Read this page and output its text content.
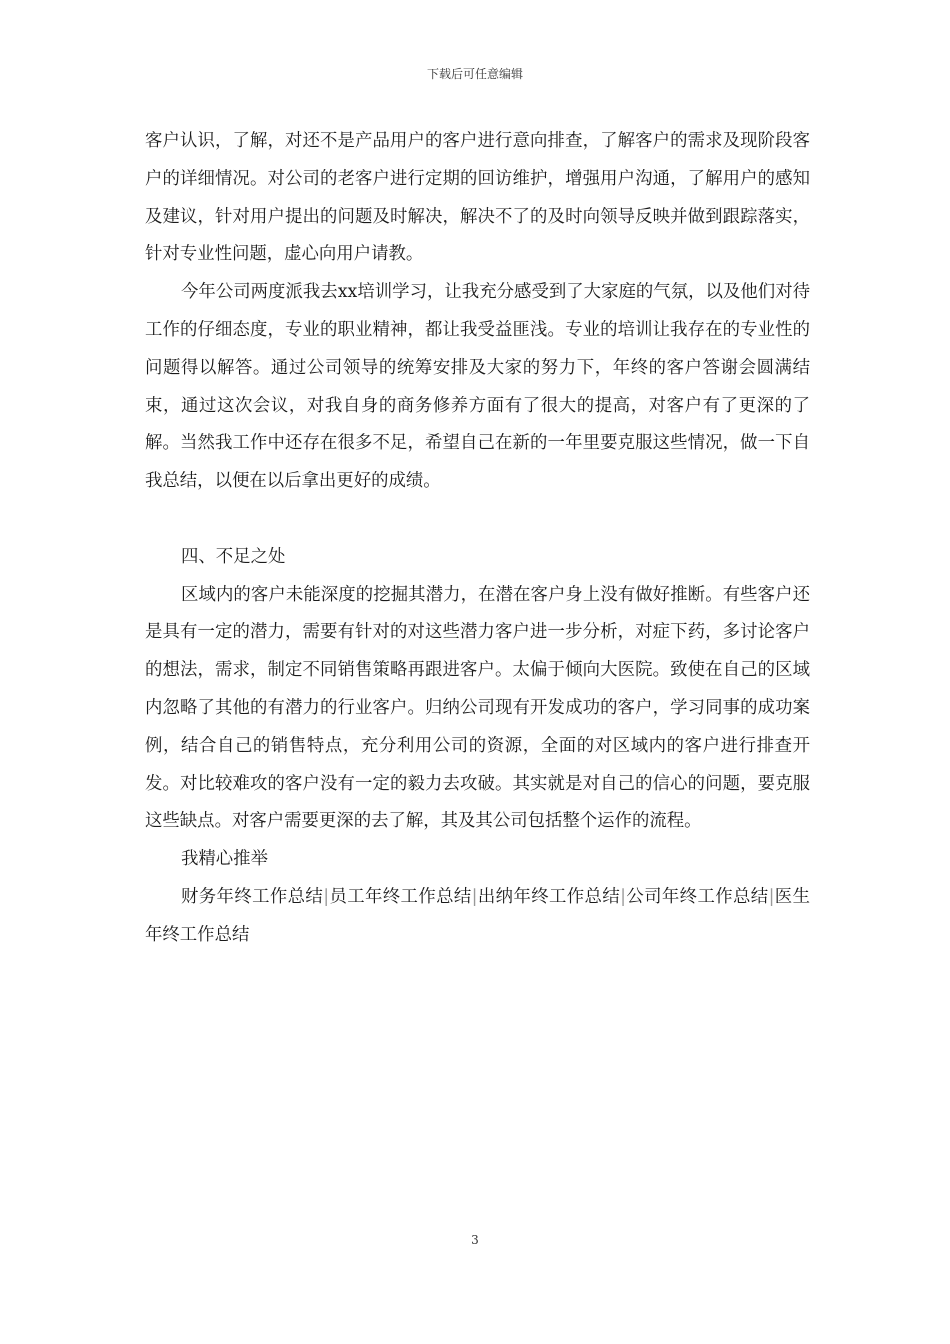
下载后可任意编辑

客户认识，了解，对还不是产品用户的客户进行意向排查，了解客户的需求及现阶段客户的详细情况。对公司的老客户进行定期的回访维护，增强用户沟通，了解用户的感知及建议，针对用户提出的问题及时解决，解决不了的及时向领导反映并做到跟踪落实，针对专业性问题，虚心向用户请教。

今年公司两度派我去xx培训学习，让我充分感受到了大家庭的气氛，以及他们对待工作的仔细态度，专业的职业精神，都让我受益匪浅。专业的培训让我存在的专业性的问题得以解答。通过公司领导的统筹安排及大家的努力下，年终的客户答谢会圆满结束，通过这次会议，对我自身的商务修养方面有了很大的提高，对客户有了更深的了解。当然我工作中还存在很多不足，希望自己在新的一年里要克服这些情况，做一下自我总结，以便在以后拿出更好的成绩。

四、不足之处

区域内的客户未能深度的挖掘其潜力，在潜在客户身上没有做好推断。有些客户还是具有一定的潜力，需要有针对的对这些潜力客户进一步分析，对症下药，多讨论客户的想法，需求，制定不同销售策略再跟进客户。太偏于倾向大医院。致使在自己的区域内忽略了其他的有潜力的行业客户。归纳公司现有开发成功的客户，学习同事的成功案例，结合自己的销售特点，充分利用公司的资源，全面的对区域内的客户进行排查开发。对比较难攻的客户没有一定的毅力去攻破。其实就是对自己的信心的问题，要克服这些缺点。对客户需要更深的去了解，其及其公司包括整个运作的流程。

我精心推举

财务年终工作总结|员工年终工作总结|出纳年终工作总结|公司年终工作总结|医生年终工作总结

3
